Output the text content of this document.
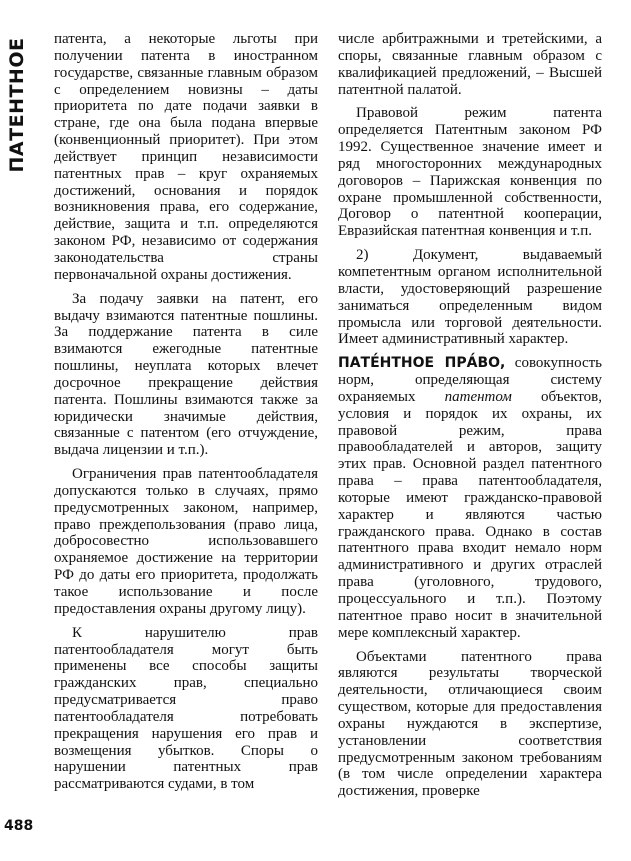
ПАТЕНТНОЕ патента, а некоторые льготы при получении патента в иностранном государстве, связанные главным образом с определением новизны – даты приоритета по дате подачи заявки в стране, где она была подана впервые (конвенционный приоритет). При этом действует принцип независимости патентных прав – круг охраняемых достижений, основания и порядок возникновения права, его содержание, действие, защита и т.п. определяются законом РФ, независимо от содержания законодательства страны первоначальной охраны достижения.

За подачу заявки на патент, его выдачу взимаются патентные пошлины. За поддержание патента в силе взимаются ежегодные патентные пошлины, неуплата которых влечет досрочное прекращение действия патента. Пошлины взимаются также за юридически значимые действия, связанные с патентом (его отчуждение, выдача лицензии и т.п.).

Ограничения прав патентообладателя допускаются только в случаях, прямо предусмотренных законом, например, право преждепользования (право лица, добросовестно использовавшего охраняемое достижение на территории РФ до даты его приоритета, продолжать такое использование и после предоставления охраны другому лицу).

К нарушителю прав патентообладателя могут быть применены все способы защиты гражданских прав, специально предусматривается право патентообладателя потребовать прекращения нарушения его прав и возмещения убытков. Споры о нарушении патентных прав рассматриваются судами, в том

числе арбитражными и третейскими, а споры, связанные главным образом с квалификацией предложений, – Высшей патентной палатой.

Правовой режим патента определяется Патентным законом РФ 1992. Существенное значение имеет и ряд многосторонних международных договоров – Парижская конвенция по охране промышленной собственности, Договор о патентной кооперации, Евразийская патентная конвенция и т.п.

2) Документ, выдаваемый компетентным органом исполнительной власти, удостоверяющий разрешение заниматься определенным видом промысла или торговой деятельности. Имеет административный характер.

ПАТЕ́НТНОЕ ПРА́ВО, совокупность норм, определяющая систему охраняемых патентом объектов, условия и порядок их охраны, их правовой режим, права правообладателей и авторов, защиту этих прав. Основной раздел патентного права – права патентообладателя, которые имеют гражданско-правовой характер и являются частью гражданского права. Однако в состав патентного права входит немало норм административного и других отраслей права (уголовного, трудового, процессуального и т.п.). Поэтому патентное право носит в значительной мере комплексный характер.

Объектами патентного права являются результаты творческой деятельности, отличающиеся своим существом, которые для предоставления охраны нуждаются в экспертизе, установлении соответствия предусмотренным законом требованиям (в том числе определении характера достижения, проверке

488
